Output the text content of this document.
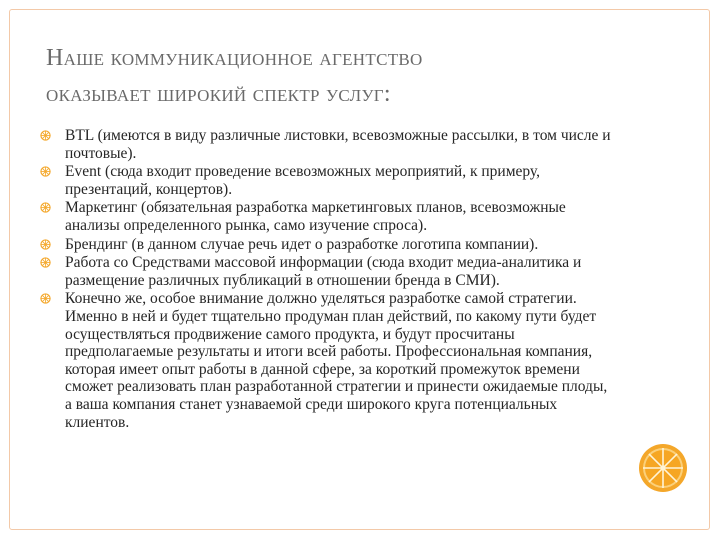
Наше коммуникационное агентство
оказывает широкий спектр услуг:
BTL (имеются в виду различные листовки, всевозможные рассылки, в том числе и почтовые).
Event (сюда входит проведение всевозможных мероприятий, к примеру, презентаций, концертов).
Маркетинг (обязательная разработка маркетинговых планов, всевозможные анализы определенного рынка, само изучение спроса).
Брендинг (в данном случае речь идет о разработке логотипа компании).
Работа со Средствами массовой информации (сюда входит медиа-аналитика и размещение различных публикаций в отношении бренда в СМИ).
Конечно же, особое внимание должно уделяться разработке самой стратегии. Именно в ней и будет тщательно продуман план действий, по какому пути будет осуществляться продвижение самого продукта, и будут просчитаны предполагаемые результаты и итоги всей работы. Профессиональная компания, которая имеет опыт работы в данной сфере, за короткий промежуток времени сможет реализовать план разработанной стратегии и принести ожидаемые плоды, а ваша компания станет узнаваемой среди широкого круга потенциальных клиентов.
